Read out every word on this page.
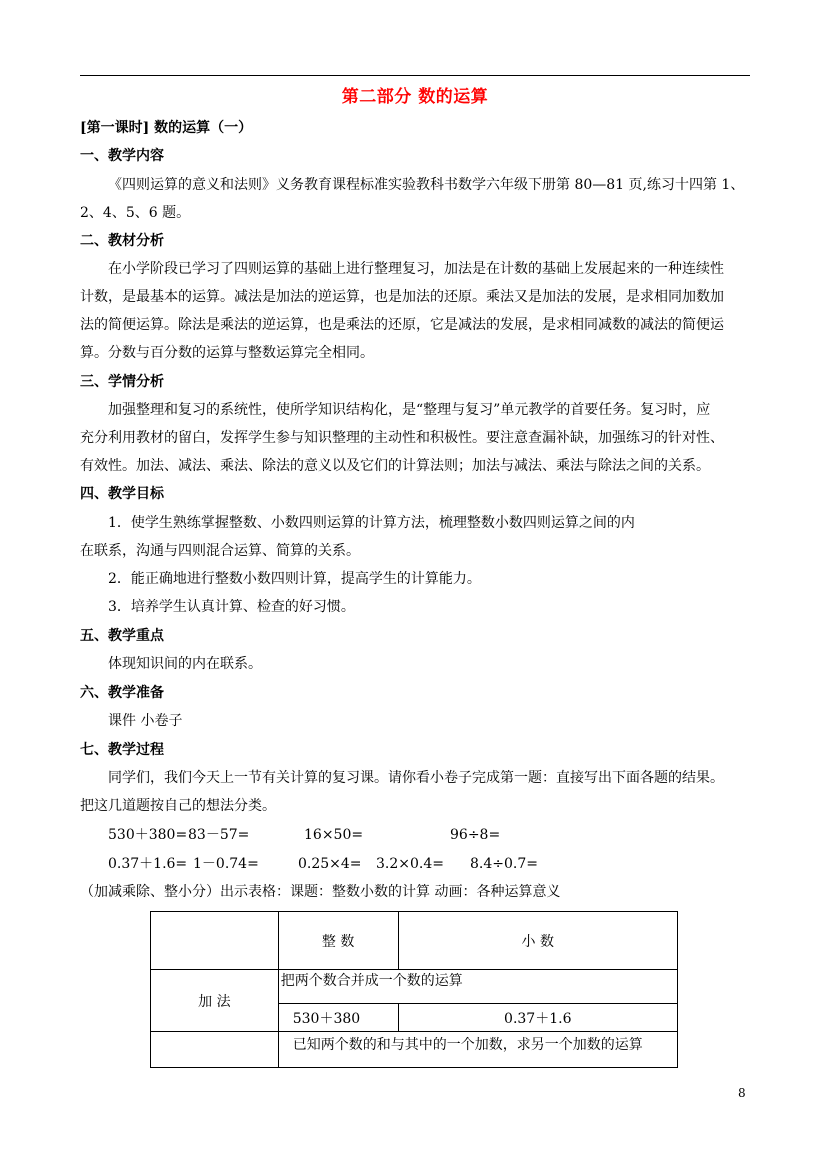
第二部分 数的运算
[第一课时] 数的运算（一）
一、教学内容
《四则运算的意义和法则》义务教育课程标准实验教科书数学六年级下册第 80—81 页,练习十四第 1、
2、4、5、6 题。
二、教材分析
在小学阶段已学习了四则运算的基础上进行整理复习，加法是在计数的基础上发展起来的一种连续性
计数，是最基本的运算。减法是加法的逆运算，也是加法的还原。乘法又是加法的发展，是求相同加数加
法的简便运算。除法是乘法的逆运算，也是乘法的还原，它是减法的发展，是求相同减数的减法的简便运
算。分数与百分数的运算与整数运算完全相同。
三、学情分析
加强整理和复习的系统性，使所学知识结构化，是“整理与复习”单元教学的首要任务。复习时，应
充分利用教材的留白，发挥学生参与知识整理的主动性和积极性。要注意查漏补缺，加强练习的针对性、
有效性。加法、减法、乘法、除法的意义以及它们的计算法则；加法与减法、乘法与除法之间的关系。
四、教学目标
1．使学生熟练掌握整数、小数四则运算的计算方法，梳理整数小数四则运算之间的内
在联系，沟通与四则混合运算、简算的关系。
2．能正确地进行整数小数四则计算，提高学生的计算能力。
3．培养学生认真计算、检查的好习惯。
五、教学重点
体现知识间的内在联系。
六、教学准备
课件 小卷子
七、教学过程
同学们，我们今天上一节有关计算的复习课。请你看小卷子完成第一题：直接写出下面各题的结果。
把这几道题按自己的想法分类。
530＋380= 83－57=	16×50=	96÷8=
0.37＋1.6= 1－0.74=	0.25×4= 3.2×0.4= 8.4÷0.7=
（加减乘除、整小分）出示表格：课题：整数小数的计算 动画：各种运算意义
	整 数	小 数
加 法	把两个数合并成一个数的运算	
	530＋380	0.37＋1.6
	已知两个数的和与其中的一个加数，求另一个加数的运算	
8
